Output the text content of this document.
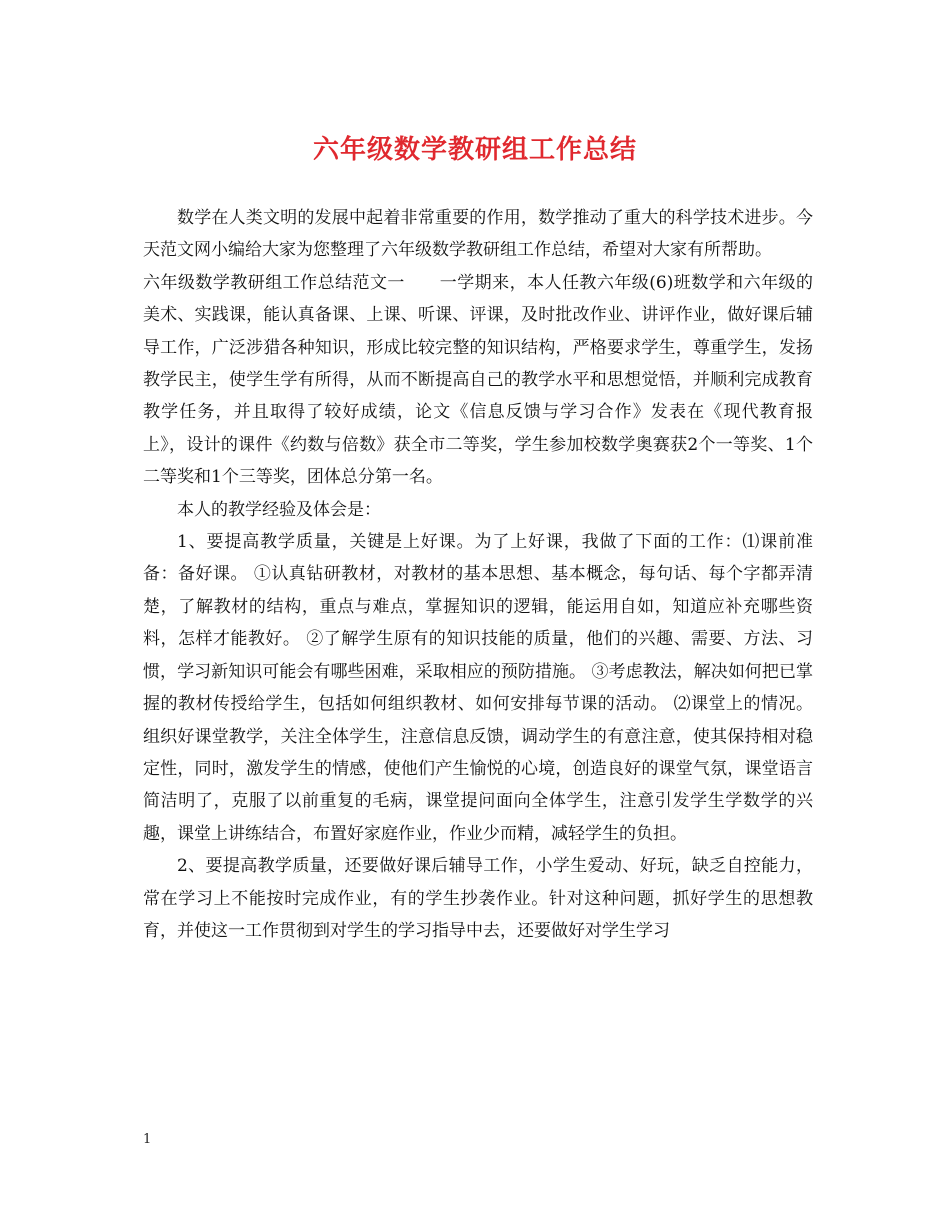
六年级数学教研组工作总结

数学在人类文明的发展中起着非常重要的作用，数学推动了重大的科学技术进步。今天范文网小编给大家为您整理了六年级数学教研组工作总结，希望对大家有所帮助。

六年级数学教研组工作总结范文一　　一学期来，本人任教六年级(6)班数学和六年级的美术、实践课，能认真备课、上课、听课、评课，及时批改作业、讲评作业，做好课后辅导工作，广泛涉猎各种知识，形成比较完整的知识结构，严格要求学生，尊重学生，发扬教学民主，使学生学有所得，从而不断提高自己的教学水平和思想觉悟，并顺利完成教育教学任务，并且取得了较好成绩，论文《信息反馈与学习合作》发表在《现代教育报上》，设计的课件《约数与倍数》获全市二等奖，学生参加校数学奥赛获2个一等奖、1个二等奖和1个三等奖，团体总分第一名。

本人的教学经验及体会是：

1、要提高教学质量，关键是上好课。为了上好课，我做了下面的工作：⑴课前准备：备好课。 ①认真钻研教材，对教材的基本思想、基本概念，每句话、每个字都弄清楚，了解教材的结构，重点与难点，掌握知识的逻辑，能运用自如，知道应补充哪些资料，怎样才能教好。 ②了解学生原有的知识技能的质量，他们的兴趣、需要、方法、习惯，学习新知识可能会有哪些困难，采取相应的预防措施。 ③考虑教法，解决如何把已掌握的教材传授给学生，包括如何组织教材、如何安排每节课的活动。 ⑵课堂上的情况。 组织好课堂教学，关注全体学生，注意信息反馈，调动学生的有意注意，使其保持相对稳定性，同时，激发学生的情感，使他们产生愉悦的心境，创造良好的课堂气氛，课堂语言简洁明了，克服了以前重复的毛病，课堂提问面向全体学生，注意引发学生学数学的兴趣，课堂上讲练结合，布置好家庭作业，作业少而精，减轻学生的负担。

2、要提高教学质量，还要做好课后辅导工作，小学生爱动、好玩，缺乏自控能力，常在学习上不能按时完成作业，有的学生抄袭作业。针对这种问题，抓好学生的思想教育，并使这一工作贯彻到对学生的学习指导中去，还要做好对学生学习

1
